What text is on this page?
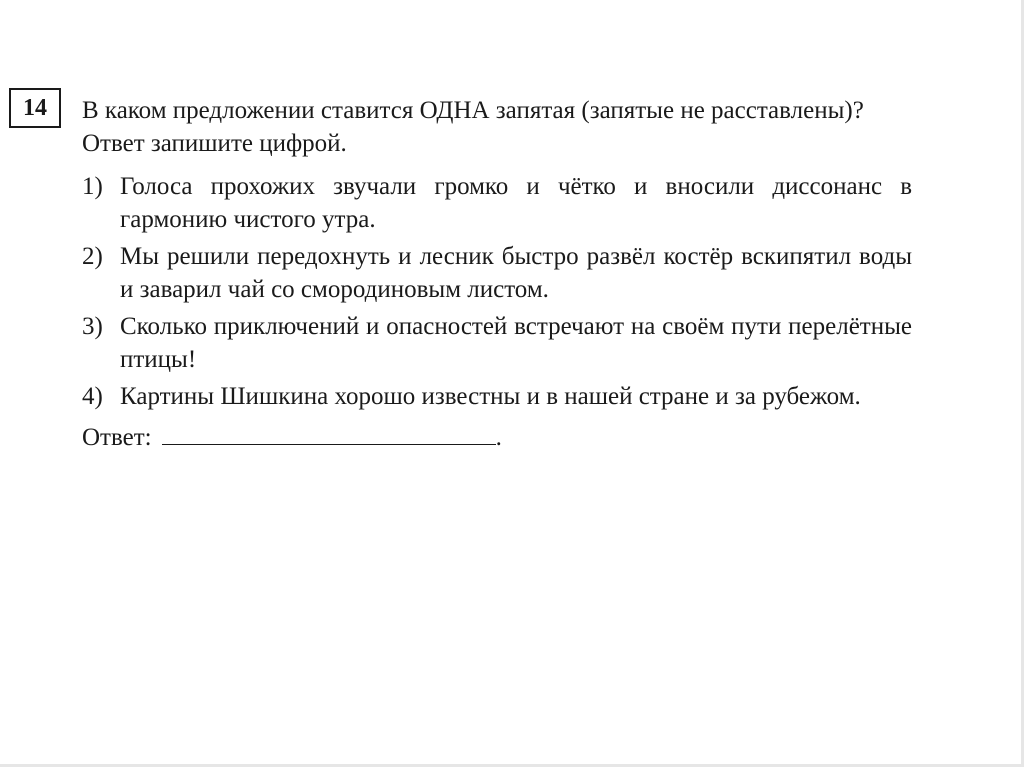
14 В каком предложении ставится ОДНА запятая (запятые не расставлены)?
Ответ запишите цифрой.
1) Голоса прохожих звучали громко и чётко и вносили диссонанс в гармонию чистого утра.
2) Мы решили передохнуть и лесник быстро развёл костёр вскипятил воды и заварил чай со смородиновым листом.
3) Сколько приключений и опасностей встречают на своём пути перелётные птицы!
4) Картины Шишкина хорошо известны и в нашей стране и за рубежом.
Ответ:	.
